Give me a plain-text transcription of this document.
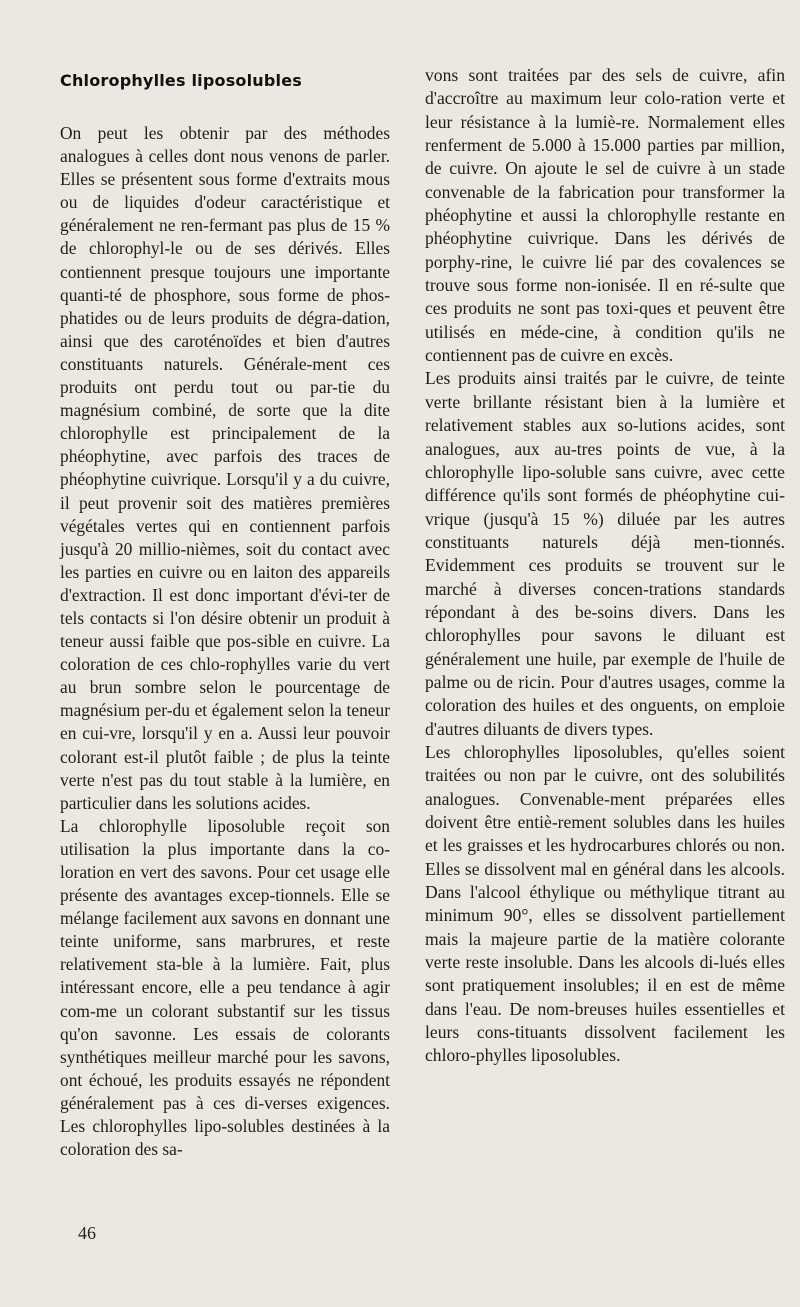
Chlorophylles liposolubles

On peut les obtenir par des méthodes analogues à celles dont nous venons de parler. Elles se présentent sous forme d'extraits mous ou de liquides d'odeur caractéristique et généralement ne ren-fermant pas plus de 15 % de chlorophyl-le ou de ses dérivés. Elles contiennent presque toujours une importante quanti-té de phosphore, sous forme de phos-phatides ou de leurs produits de dégra-dation, ainsi que des caroténoïdes et bien d'autres constituants naturels. Générale-ment ces produits ont perdu tout ou par-tie du magnésium combiné, de sorte que la dite chlorophylle est principalement de la phéophytine, avec parfois des traces de phéophytine cuivrique. Lorsqu'il y a du cuivre, il peut provenir soit des matières premières végétales vertes qui en contiennent parfois jusqu'à 20 millio-nièmes, soit du contact avec les parties en cuivre ou en laiton des appareils d'extraction. Il est donc important d'évi-ter de tels contacts si l'on désire obtenir un produit à teneur aussi faible que pos-sible en cuivre. La coloration de ces chlo-rophylles varie du vert au brun sombre selon le pourcentage de magnésium per-du et également selon la teneur en cui-vre, lorsqu'il y en a. Aussi leur pouvoir colorant est-il plutôt faible ; de plus la teinte verte n'est pas du tout stable à la lumière, en particulier dans les solutions acides.

La chlorophylle liposoluble reçoit son utilisation la plus importante dans la co-loration en vert des savons. Pour cet usage elle présente des avantages excep-tionnels. Elle se mélange facilement aux savons en donnant une teinte uniforme, sans marbrures, et reste relativement sta-ble à la lumière. Fait, plus intéressant encore, elle a peu tendance à agir com-me un colorant substantif sur les tissus qu'on savonne. Les essais de colorants synthétiques meilleur marché pour les savons, ont échoué, les produits essayés ne répondent généralement pas à ces di-verses exigences. Les chlorophylles lipo-solubles destinées à la coloration des sa-

vons sont traitées par des sels de cuivre, afin d'accroître au maximum leur colo-ration verte et leur résistance à la lumiè-re. Normalement elles renferment de 5.000 à 15.000 parties par million, de cuivre. On ajoute le sel de cuivre à un stade convenable de la fabrication pour transformer la phéophytine et aussi la chlorophylle restante en phéophytine cuivrique. Dans les dérivés de porphy-rine, le cuivre lié par des covalences se trouve sous forme non-ionisée. Il en ré-sulte que ces produits ne sont pas toxi-ques et peuvent être utilisés en méde-cine, à condition qu'ils ne contiennent pas de cuivre en excès.

Les produits ainsi traités par le cuivre, de teinte verte brillante résistant bien à la lumière et relativement stables aux so-lutions acides, sont analogues, aux au-tres points de vue, à la chlorophylle lipo-soluble sans cuivre, avec cette différence qu'ils sont formés de phéophytine cui-vrique (jusqu'à 15 %) diluée par les autres constituants naturels déjà men-tionnés. Evidemment ces produits se trouvent sur le marché à diverses concen-trations standards répondant à des be-soins divers. Dans les chlorophylles pour savons le diluant est généralement une huile, par exemple de l'huile de palme ou de ricin. Pour d'autres usages, comme la coloration des huiles et des onguents, on emploie d'autres diluants de divers types.

Les chlorophylles liposolubles, qu'elles soient traitées ou non par le cuivre, ont des solubilités analogues. Convenable-ment préparées elles doivent être entiè-rement solubles dans les huiles et les graisses et les hydrocarbures chlorés ou non. Elles se dissolvent mal en général dans les alcools. Dans l'alcool éthylique ou méthylique titrant au minimum 90°, elles se dissolvent partiellement mais la majeure partie de la matière colorante verte reste insoluble. Dans les alcools di-lués elles sont pratiquement insolubles; il en est de même dans l'eau. De nom-breuses huiles essentielles et leurs cons-tituants dissolvent facilement les chloro-phylles liposolubles.

46
